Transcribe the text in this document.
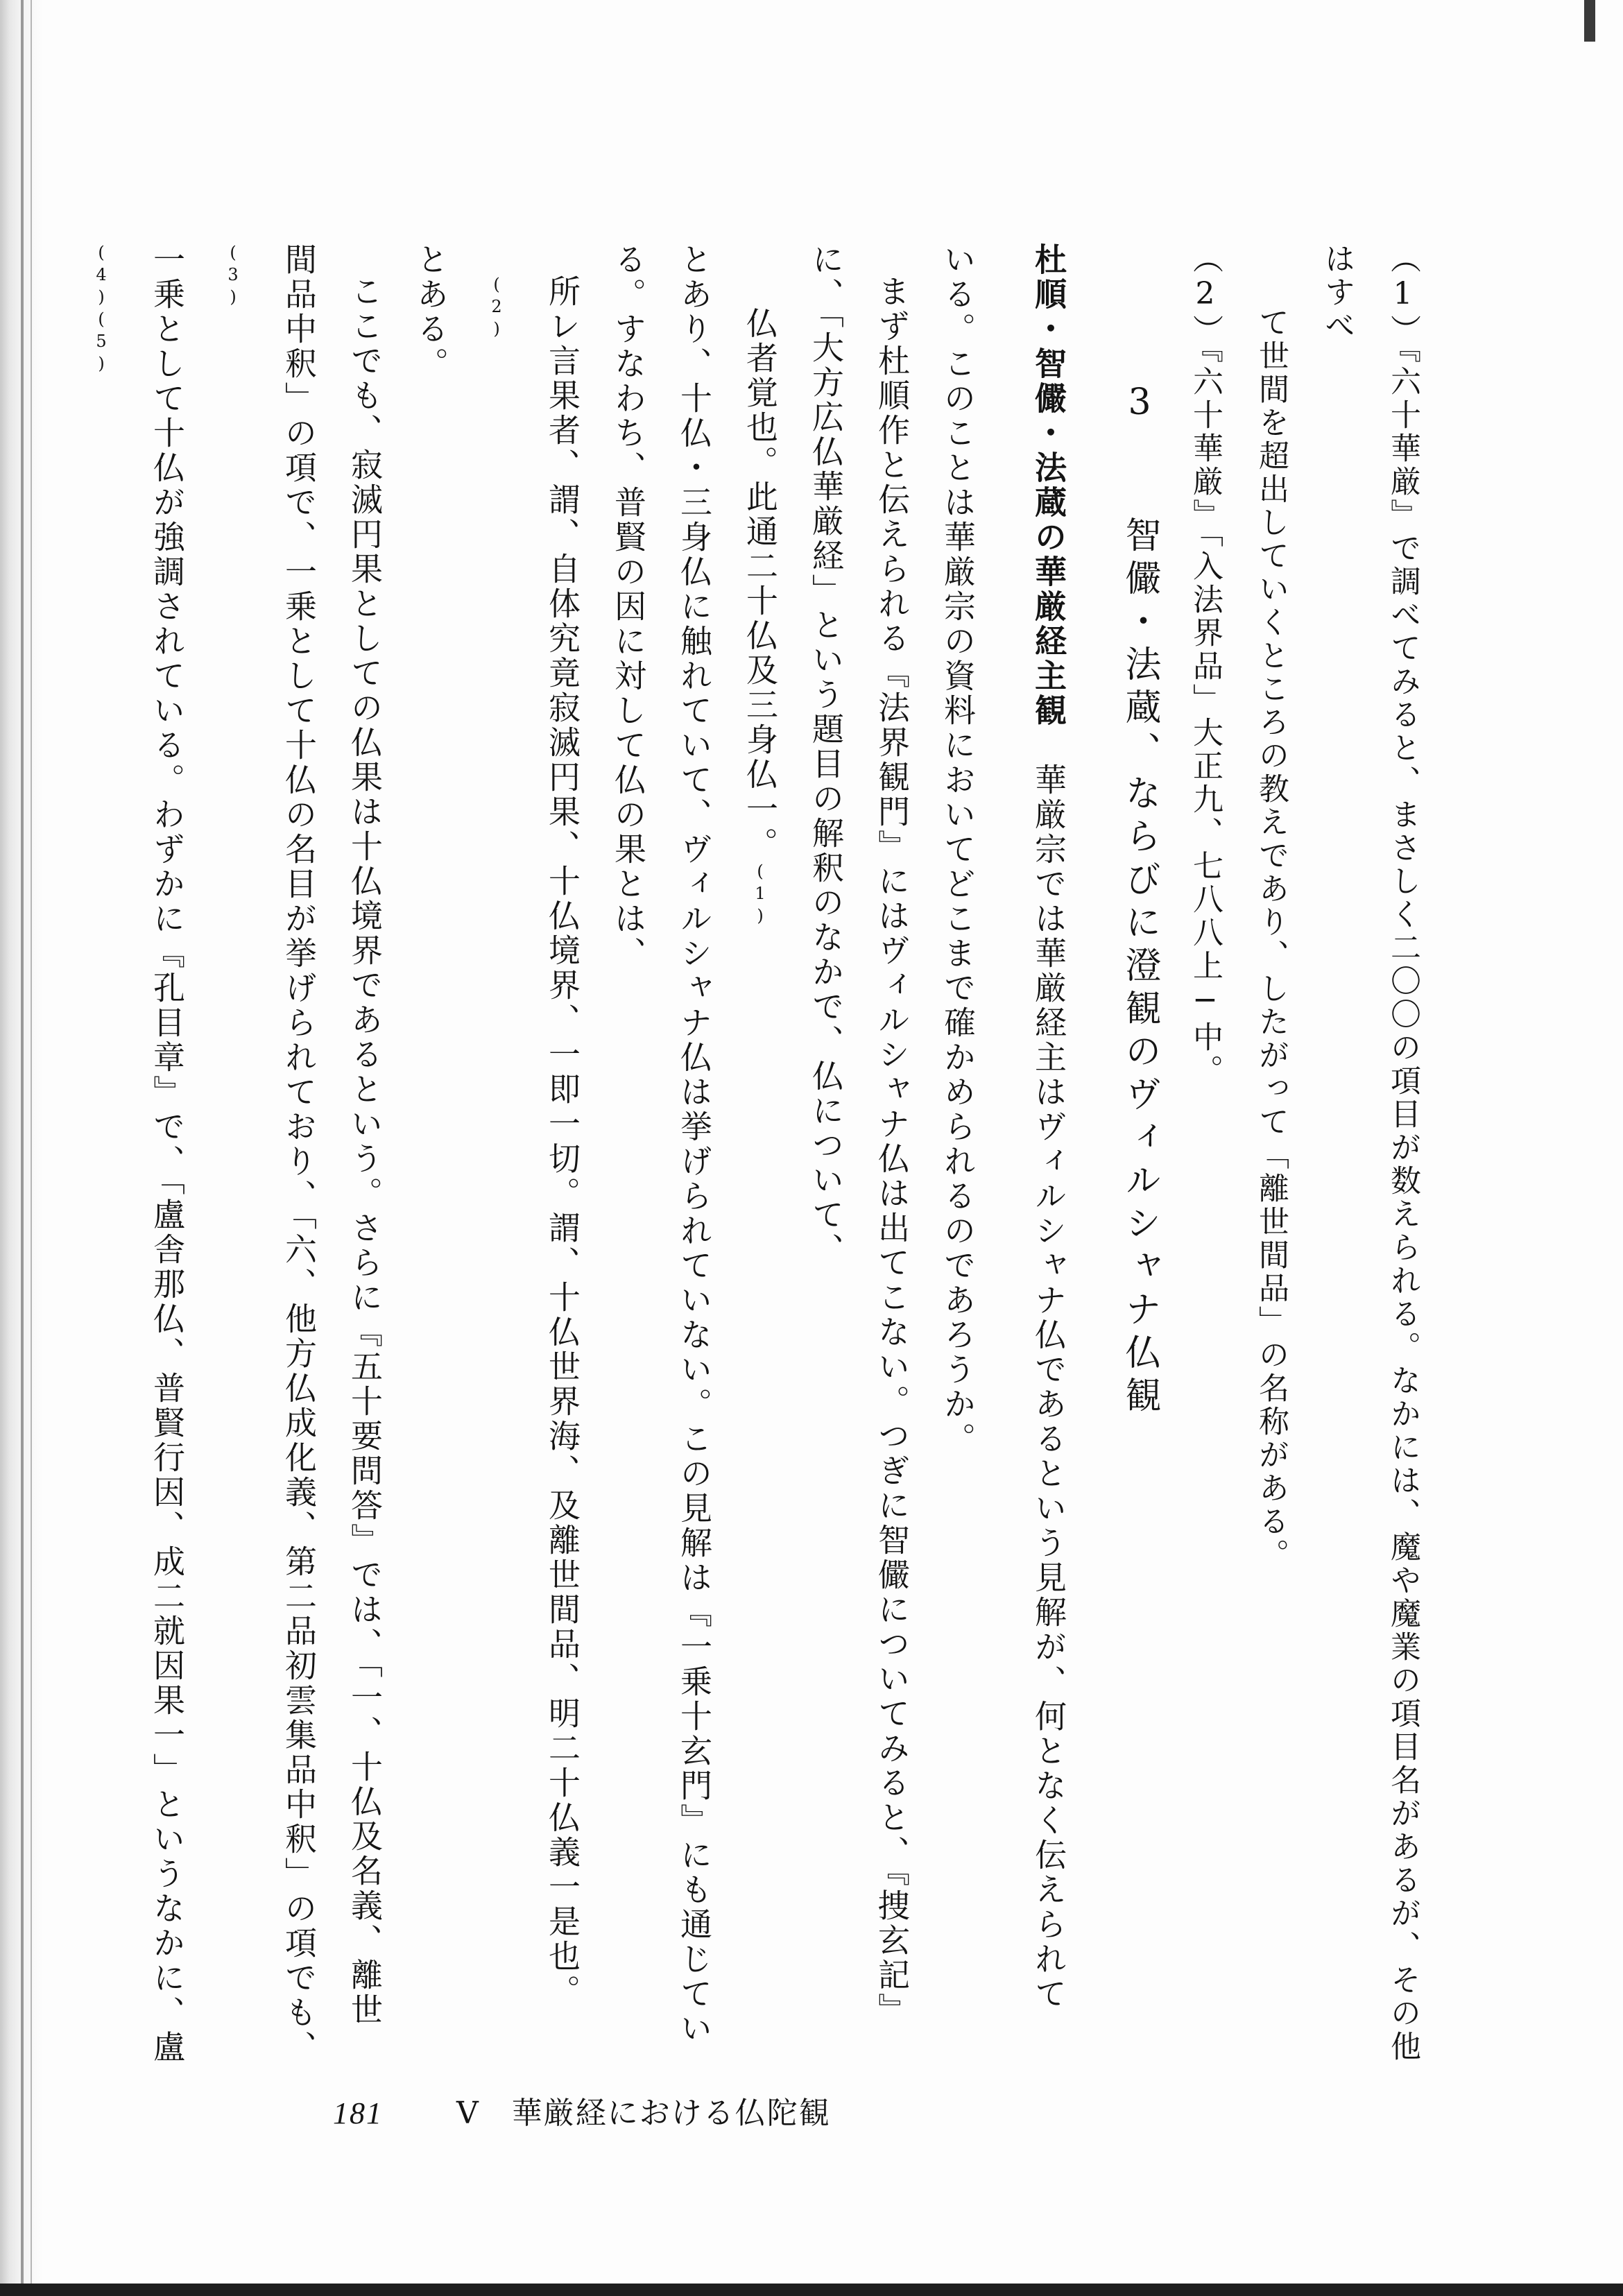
（1）『六十華厳』で調べてみると、まさしく二〇〇の項目が数えられる。なかには、魔や魔業の項目名があるが、その他はすべ

て世間を超出していくところの教えであり、したがって「離世間品」の名称がある。

（2）『六十華厳』「入法界品」大正九、七八八上─中。

3　　智儼・法蔵、ならびに澄観のヴィルシャナ仏観

杜順・智儼・法蔵の華厳経主観　華厳宗では華厳経主はヴィルシャナ仏であるという見解が、何となく伝えられて

いる。このことは華厳宗の資料においてどこまで確かめられるのであろうか。

まず杜順作と伝えられる『法界観門』にはヴィルシャナ仏は出てこない。つぎに智儼についてみると、『捜玄記』

に、「大方広仏華厳経」という題目の解釈のなかで、仏について、

仏者覚也。此通二十仏及三身仏一。(1)

とあり、十仏・三身仏に触れていて、ヴィルシャナ仏は挙げられていない。この見解は『一乗十玄門』にも通じてい

る。すなわち、普賢の因に対して仏の果とは、

所レ言果者、謂、自体究竟寂滅円果、十仏境界、一即一切。謂、十仏世界海、及離世間品、明二十仏義一是也。(2)

とある。

ここでも、寂滅円果としての仏果は十仏境界であるという。さらに『五十要問答』では、「一、十仏及名義、離世

間品中釈」の項で、一乗として十仏の名目が挙げられており、「六、他方仏成化義、第二品初雲集品中釈」の項でも、(3)

一乗として十仏が強調されている。わずかに『孔目章』で、「盧舎那仏、普賢行因、成二就因果一」というなかに、盧(4)(5)

181 V 華厳経における仏陀観
